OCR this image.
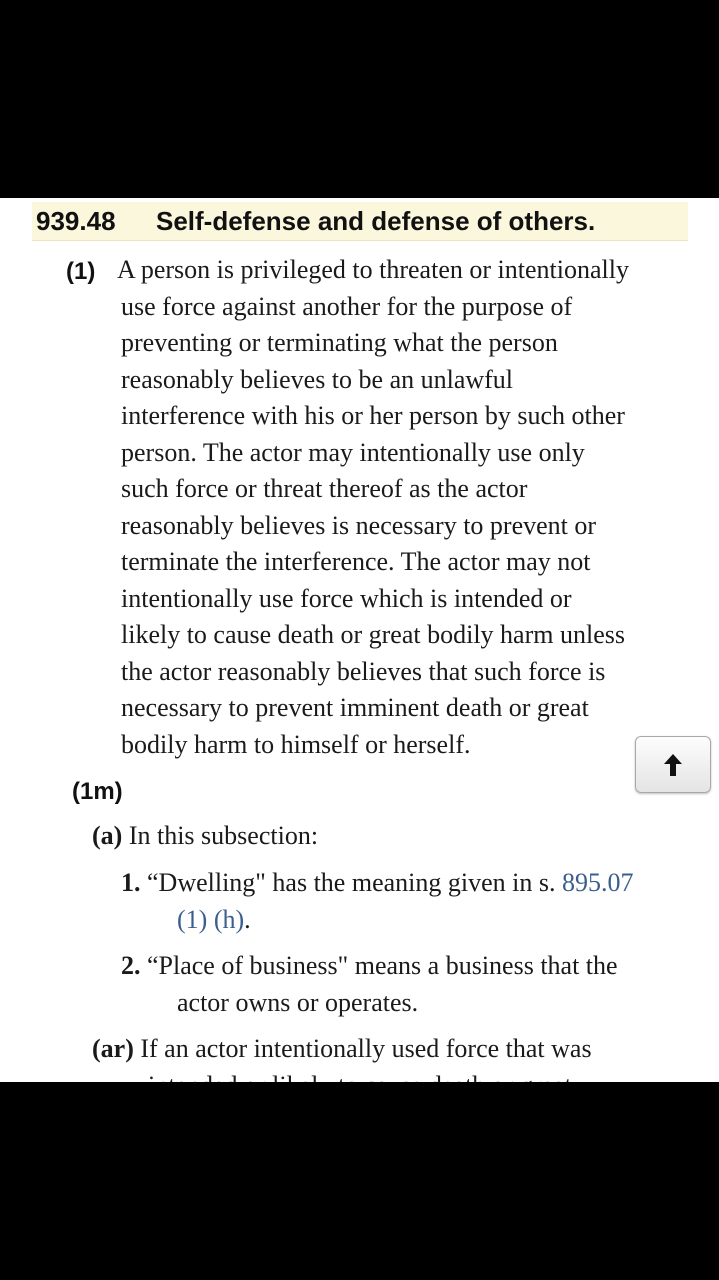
939.48 Self-defense and defense of others.
(1) A person is privileged to threaten or intentionally
use force against another for the purpose of
preventing or terminating what the person
reasonably believes to be an unlawful
interference with his or her person by such other
person. The actor may intentionally use only
such force or threat thereof as the actor
reasonably believes is necessary to prevent or
terminate the interference. The actor may not
intentionally use force which is intended or
likely to cause death or great bodily harm unless
the actor reasonably believes that such force is
necessary to prevent imminent death or great
bodily harm to himself or herself.
(1m)
(a) In this subsection:
1. “Dwelling" has the meaning given in s. 895.07
(1) (h).
2. “Place of business" means a business that the
actor owns or operates.
(ar) If an actor intentionally used force that was
